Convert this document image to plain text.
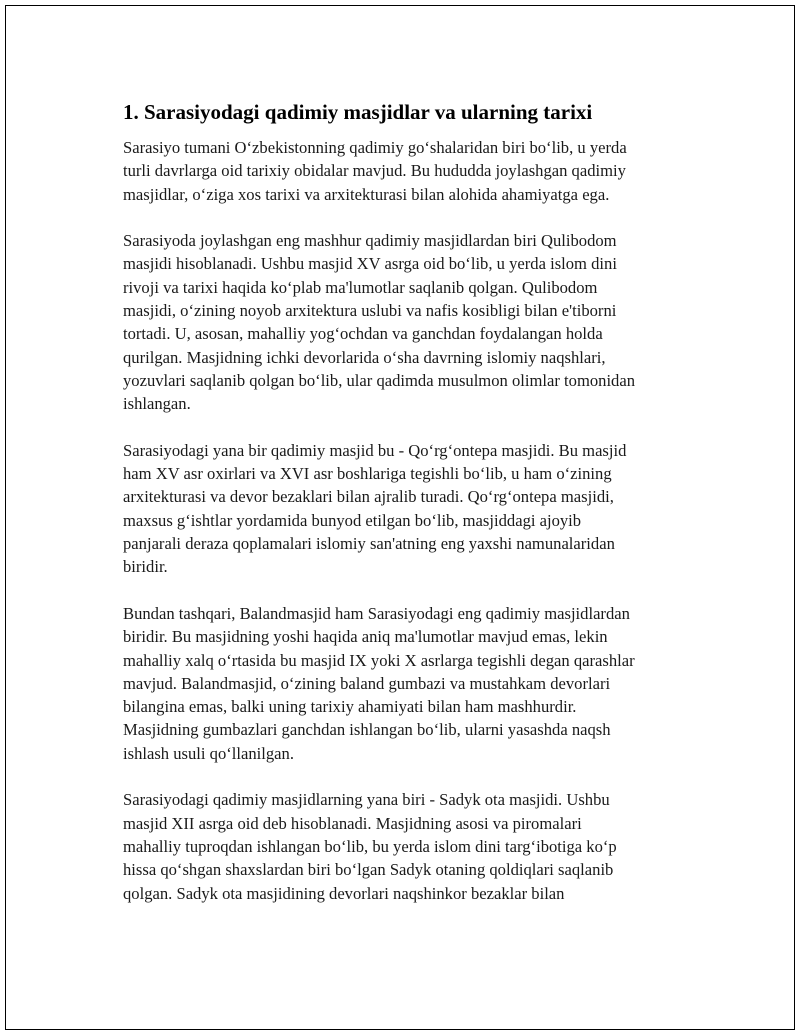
1. Sarasiyodagi qadimiy masjidlar va ularning tarixi
Sarasiyo tumani O‘zbekistonning qadimiy go‘shalaridan biri bo‘lib, u yerda
turli davrlarga oid tarixiy obidalar mavjud. Bu hududda joylashgan qadimiy
masjidlar, o‘ziga xos tarixi va arxitekturasi bilan alohida ahamiyatga ega.
Sarasiyoda joylashgan eng mashhur qadimiy masjidlardan biri Qulibodom
masjidi hisoblanadi. Ushbu masjid XV asrga oid bo‘lib, u yerda islom dini
rivoji va tarixi haqida ko‘plab ma'lumotlar saqlanib qolgan. Qulibodom
masjidi, o‘zining noyob arxitektura uslubi va nafis kosibligi bilan e'tiborni
tortadi. U, asosan, mahalliy yog‘ochdan va ganchdan foydalangan holda
qurilgan. Masjidning ichki devorlarida o‘sha davrning islomiy naqshlari,
yozuvlari saqlanib qolgan bo‘lib, ular qadimda musulmon olimlar tomonidan
ishlangan.
Sarasiyodagi yana bir qadimiy masjid bu - Qo‘rg‘ontepa masjidi. Bu masjid
ham XV asr oxirlari va XVI asr boshlariga tegishli bo‘lib, u ham o‘zining
arxitekturasi va devor bezaklari bilan ajralib turadi. Qo‘rg‘ontepa masjidi,
maxsus g‘ishtlar yordamida bunyod etilgan bo‘lib, masjiddagi ajoyib
panjarali deraza qoplamalari islomiy san'atning eng yaxshi namunalaridan
biridir.
Bundan tashqari, Balandmasjid ham Sarasiyodagi eng qadimiy masjidlardan
biridir. Bu masjidning yoshi haqida aniq ma'lumotlar mavjud emas, lekin
mahalliy xalq o‘rtasida bu masjid IX yoki X asrlarga tegishli degan qarashlar
mavjud. Balandmasjid, o‘zining baland gumbazi va mustahkam devorlari
bilangina emas, balki uning tarixiy ahamiyati bilan ham mashhurdir.
Masjidning gumbazlari ganchdan ishlangan bo‘lib, ularni yasashda naqsh
ishlash usuli qo‘llanilgan.
Sarasiyodagi qadimiy masjidlarning yana biri - Sadyk ota masjidi. Ushbu
masjid XII asrga oid deb hisoblanadi. Masjidning asosi va piromalari
mahalliy tuproqdan ishlangan bo‘lib, bu yerda islom dini targ‘ibotiga ko‘p
hissa qo‘shgan shaxslardan biri bo‘lgan Sadyk otaning qoldiqlari saqlanib
qolgan. Sadyk ota masjidining devorlari naqshinkor bezaklar bilan
